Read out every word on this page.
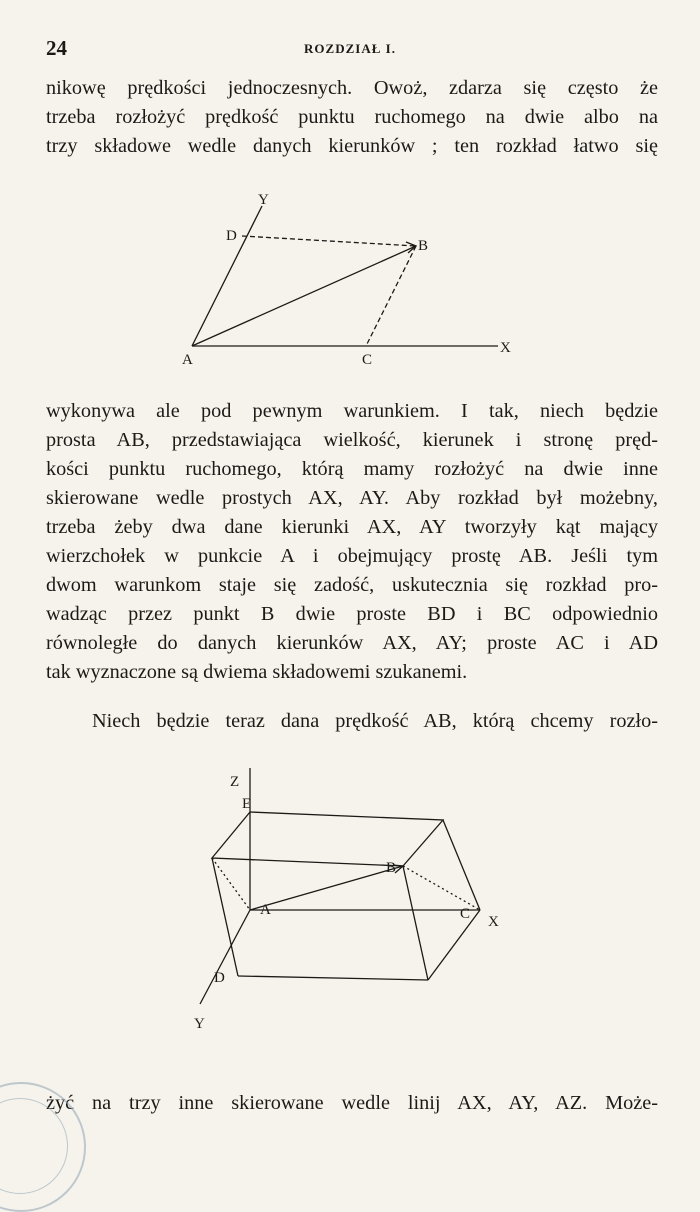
24	ROZDZIAŁ I.

nikowę prędkości jednoczesnych. Owoż, zdarza się często że
trzeba rozłożyć prędkość punktu ruchomego na dwie albo na
trzy składowe wedle danych kierunków ; ten rozkład łatwo się

Y
D
B
A	C
X

wykonywa ale pod pewnym warunkiem. I tak, niech będzie
prosta AB, przedstawiająca wielkość, kierunek i stronę pręd-
kości punktu ruchomego, którą mamy rozłożyć na dwie inne
skierowane wedle prostych AX, AY. Aby rozkład był możebny,
trzeba żeby dwa dane kierunki AX, AY tworzyły kąt mający
wierzchołek w punkcie A i obejmujący prostę AB. Jeśli tym
dwom warunkom staje się zadość, uskutecznia się rozkład pro-
wadząc przez punkt B dwie proste BD i BC odpowiednio
równoległe do danych kierunków AX, AY; proste AC i AD
tak wyznaczone są dwiema składowemi szukanemi.

Niech będzie teraz dana prędkość AB, którą chcemy rozło-

Z
E
B
A	C X
D
Y

żyć na trzy inne skierowane wedle linij AX, AY, AZ. Może-
